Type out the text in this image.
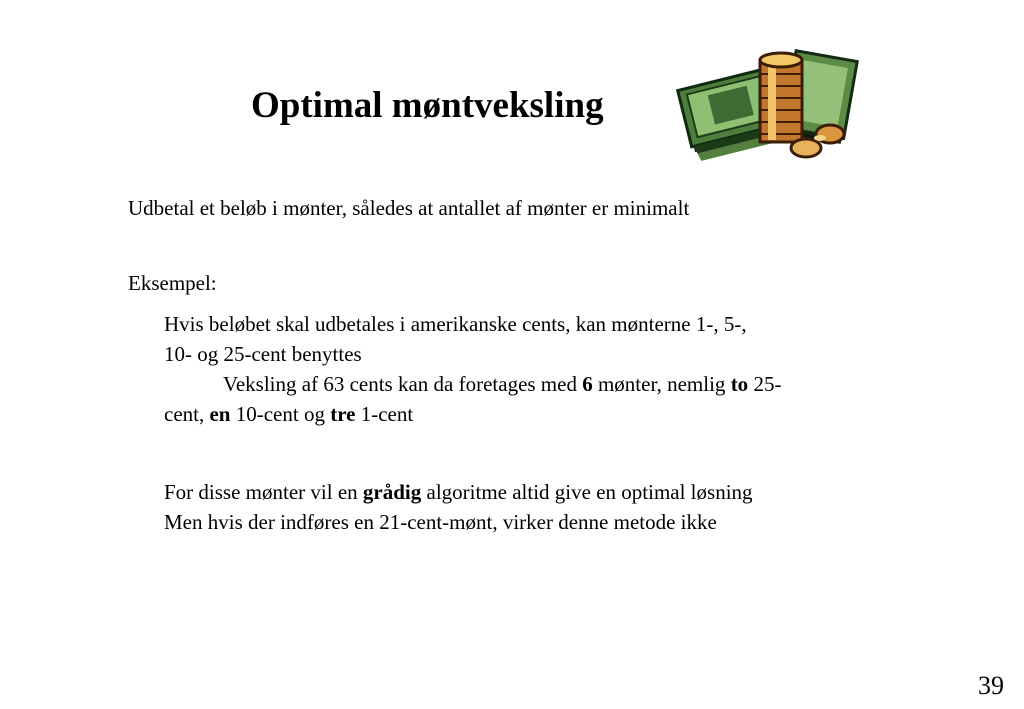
Optimal møntveksling
Udbetal et beløb i mønter, således at antallet af mønter er minimalt
Eksempel:
Hvis beløbet skal udbetales i amerikanske cents, kan mønterne 1-, 5-,
10- og 25-cent benyttes
Veksling af 63 cents kan da foretages med 6 mønter, nemlig to 25-
cent, en 10-cent og tre 1-cent
For disse mønter vil en grådig algoritme altid give en optimal løsning
Men hvis der indføres en 21-cent-mønt, virker denne metode ikke
39
